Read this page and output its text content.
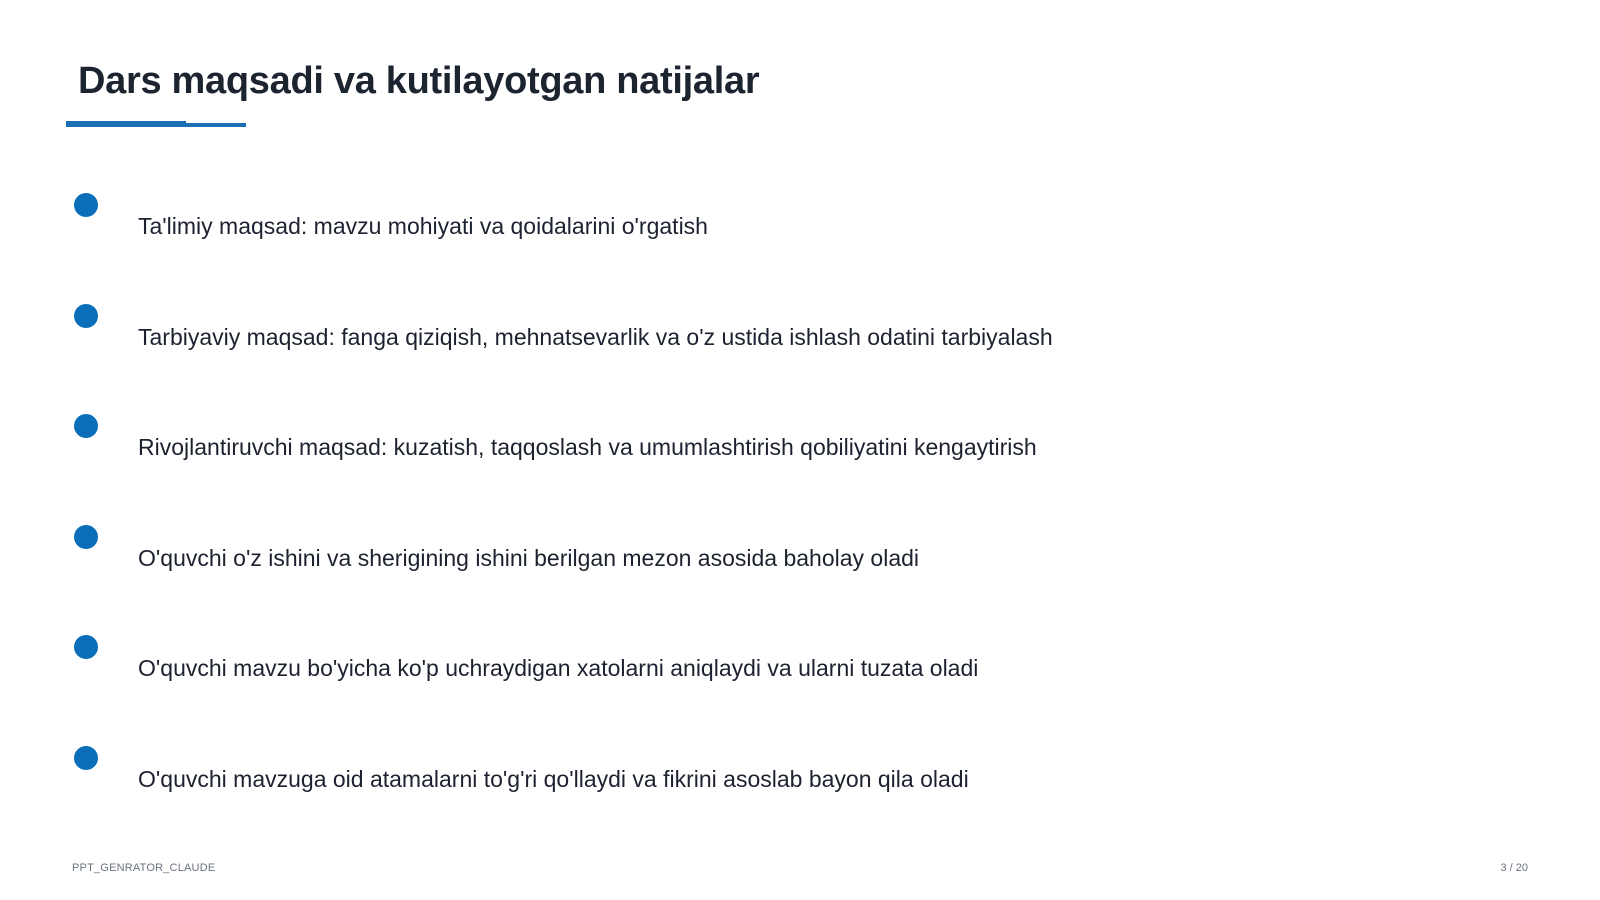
Dars maqsadi va kutilayotgan natijalar
Ta'limiy maqsad: mavzu mohiyati va qoidalarini o'rgatish
Tarbiyaviy maqsad: fanga qiziqish, mehnatsevarlik va o'z ustida ishlash odatini tarbiyalash
Rivojlantiruvchi maqsad: kuzatish, taqqoslash va umumlashtirish qobiliyatini kengaytirish
O'quvchi o'z ishini va sherigining ishini berilgan mezon asosida baholay oladi
O'quvchi mavzu bo'yicha ko'p uchraydigan xatolarni aniqlaydi va ularni tuzata oladi
O'quvchi mavzuga oid atamalarni to'g'ri qo'llaydi va fikrini asoslab bayon qila oladi
PPT_GENRATOR_CLAUDE	3 / 20
